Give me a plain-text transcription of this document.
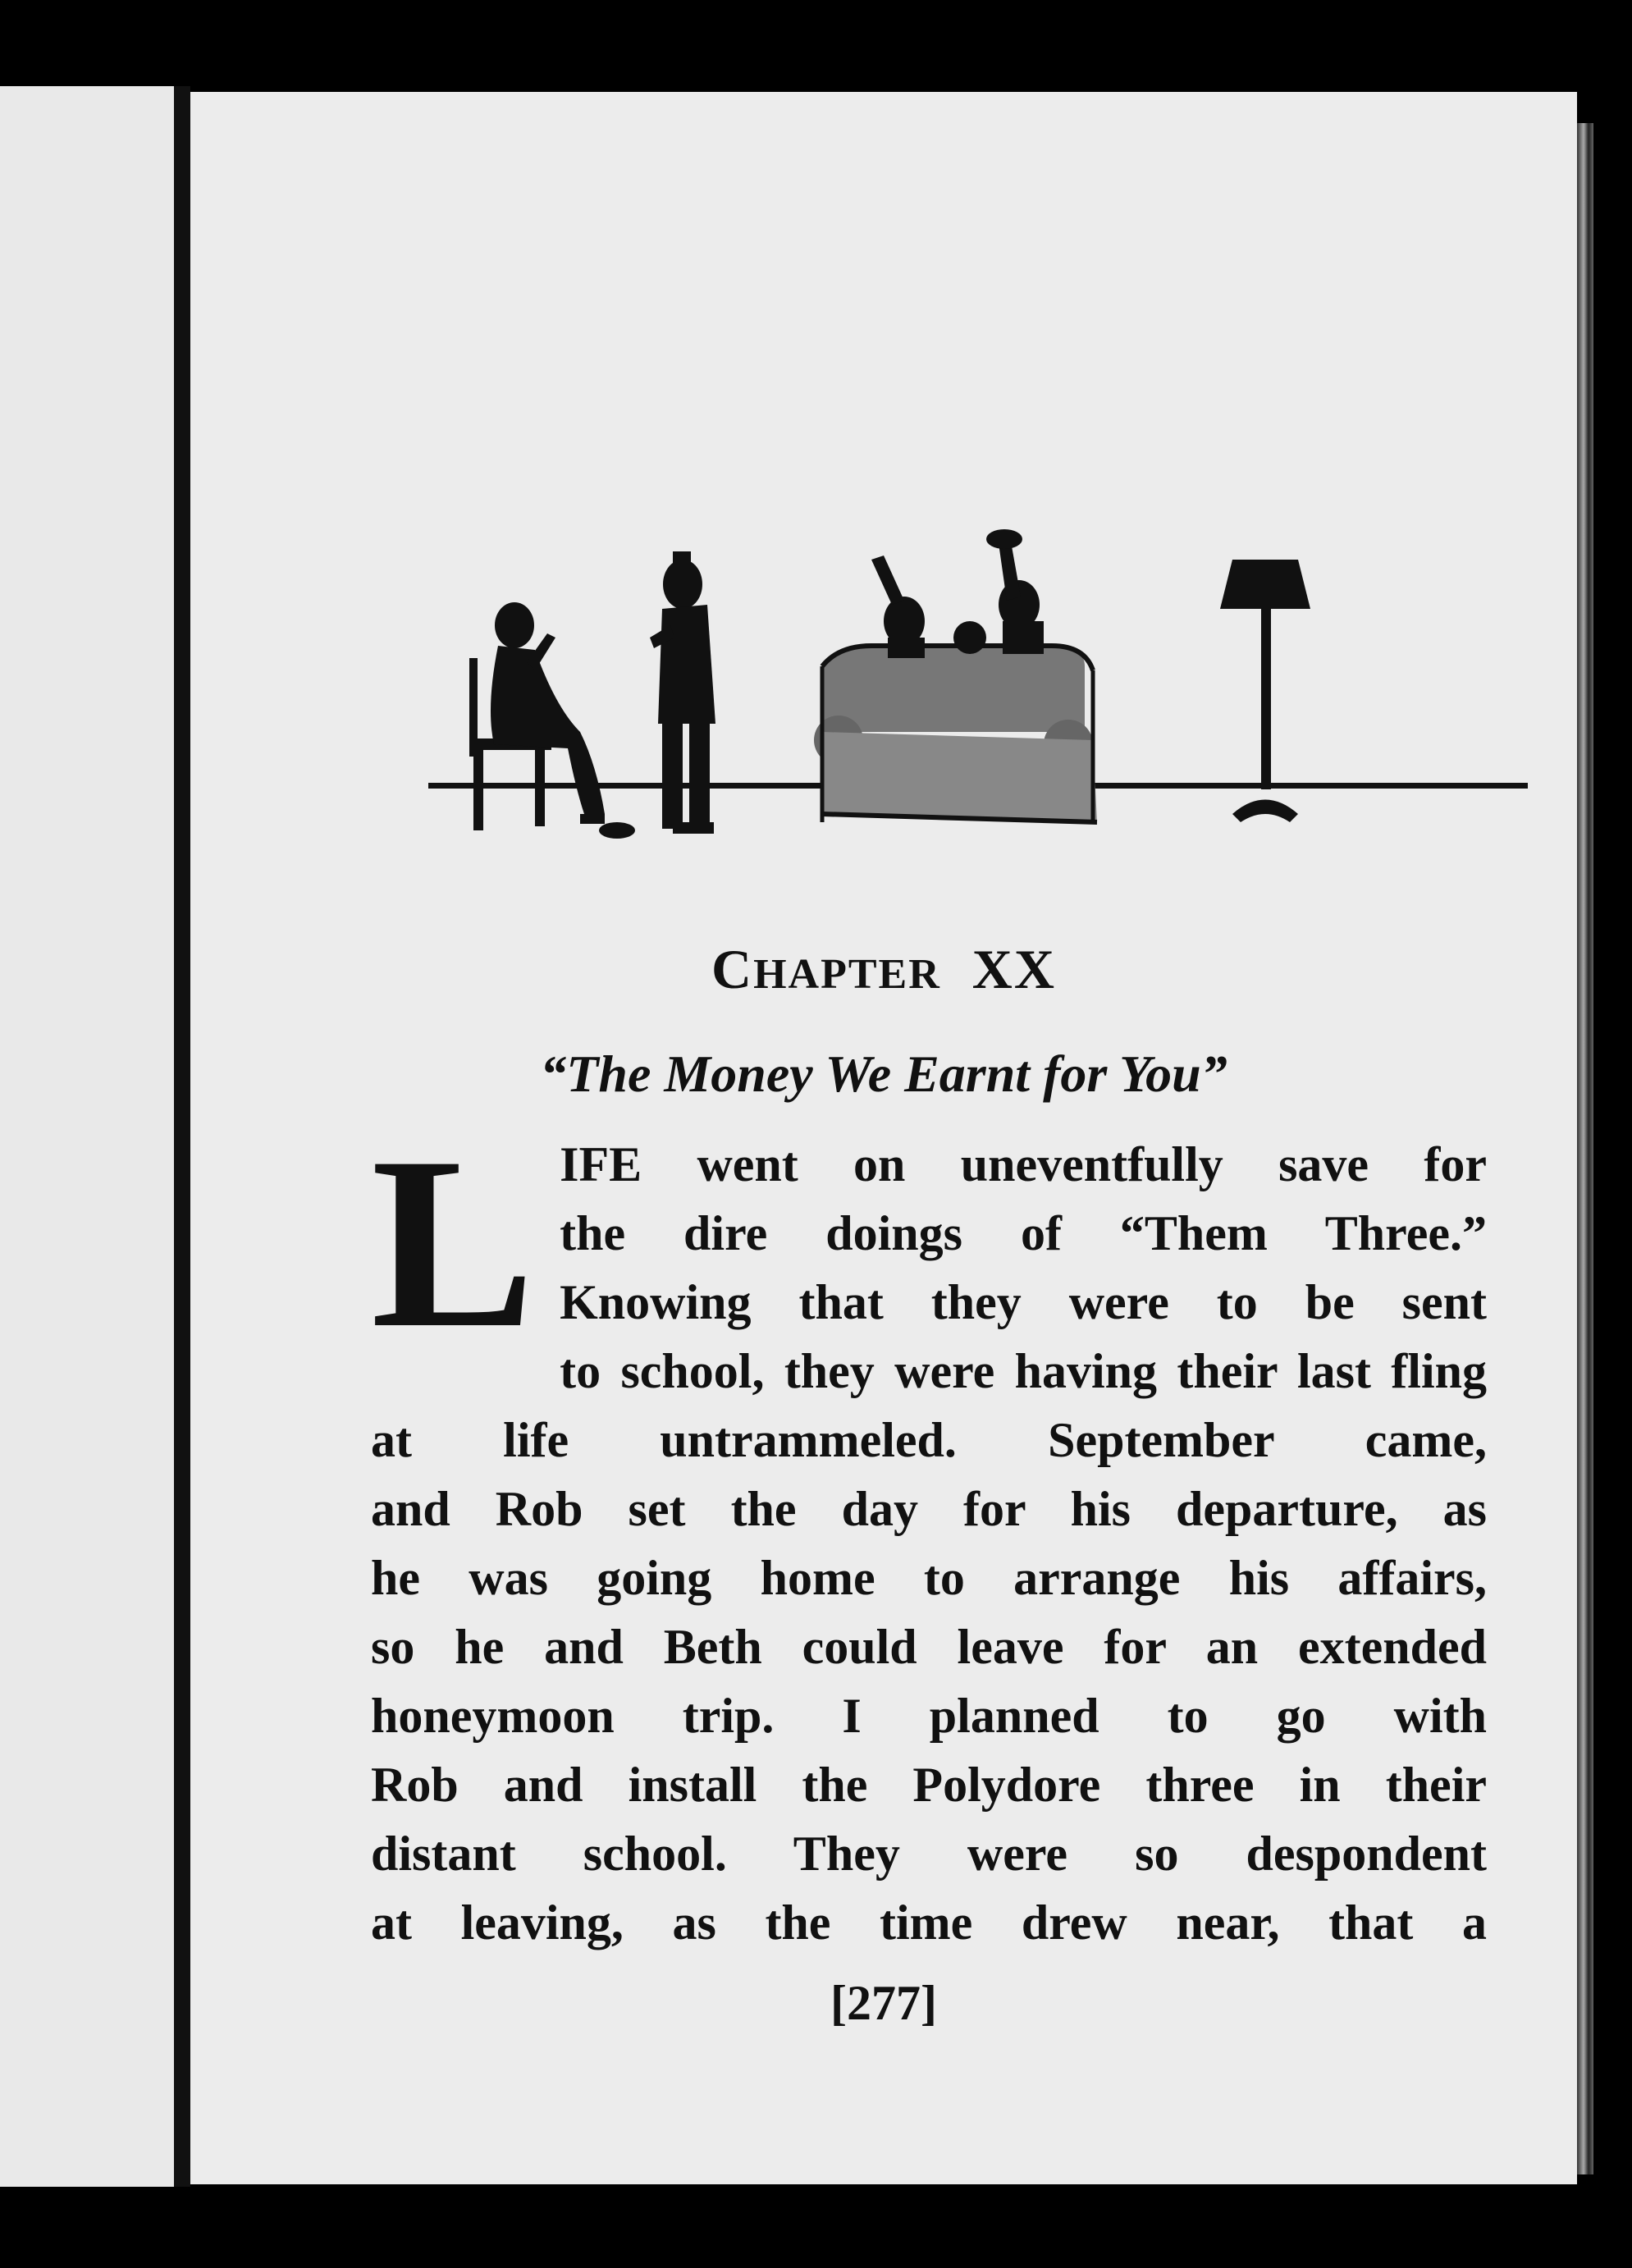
CHAPTER XX
“The Money We Earnt for You”
L IFE went on uneventfully save for
the dire doings of “Them Three.”
Knowing that they were to be sent
to school, they were having their last fling
at life untrammeled. September came,
and Rob set the day for his departure, as
he was going home to arrange his affairs,
so he and Beth could leave for an extended
honeymoon trip. I planned to go with
Rob and install the Polydore three in their
distant school. They were so despondent
at leaving, as the time drew near, that a
[277]
